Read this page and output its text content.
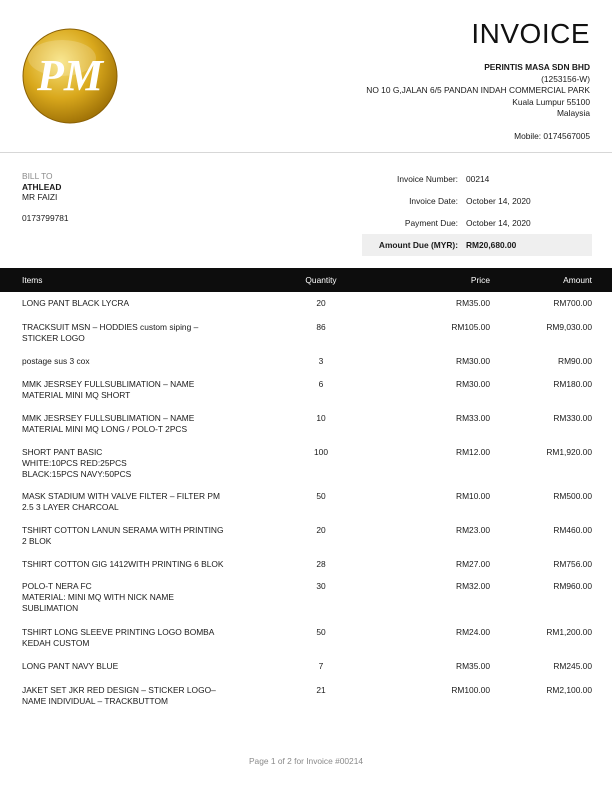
PM
INVOICE
PERINTIS MASA SDN BHD
(1253156-W)
NO 10 G,JALAN 6/5 PANDAN INDAH COMMERCIAL PARK
Kuala Lumpur 55100
Malaysia
Mobile: 0174567005
BILL TO
ATHLEAD
MR FAIZI
0173799781
Invoice Number: 00214
Invoice Date: October 14, 2020
Payment Due: October 14, 2020
Amount Due (MYR): RM20,680.00
Items	Quantity	Price	Amount
LONG PANT BLACK LYCRA	20	RM35.00	RM700.00
TRACKSUIT MSN – HODDIES custom siping –
STICKER LOGO
86	RM105.00	RM9,030.00
postage sus 3 cox	3	RM30.00	RM90.00
MMK JESRSEY FULLSUBLIMATION – NAME
MATERIAL MINI MQ SHORT
6	RM30.00	RM180.00
MMK JESRSEY FULLSUBLIMATION – NAME
MATERIAL MINI MQ LONG / POLO-T 2PCS
10	RM33.00	RM330.00
SHORT PANT BASIC
WHITE:10PCS RED:25PCS
BLACK:15PCS NAVY:50PCS
100	RM12.00	RM1,920.00
MASK STADIUM WITH VALVE FILTER – FILTER PM
2.5 3 LAYER CHARCOAL
50	RM10.00	RM500.00
TSHIRT COTTON LANUN SERAMA WITH PRINTING
2 BLOK
20	RM23.00	RM460.00
TSHIRT COTTON GIG 1412WITH PRINTING 6 BLOK	28	RM27.00	RM756.00
POLO-T NERA FC
MATERIAL: MINI MQ WITH NICK NAME
SUBLIMATION
30	RM32.00	RM960.00
TSHIRT LONG SLEEVE PRINTING LOGO BOMBA
KEDAH CUSTOM
50	RM24.00	RM1,200.00
LONG PANT NAVY BLUE	7	RM35.00	RM245.00
JAKET SET JKR RED DESIGN – STICKER LOGO–
NAME INDIVIDUAL – TRACKBUTTOM
21	RM100.00	RM2,100.00
Page 1 of 2 for Invoice #00214
